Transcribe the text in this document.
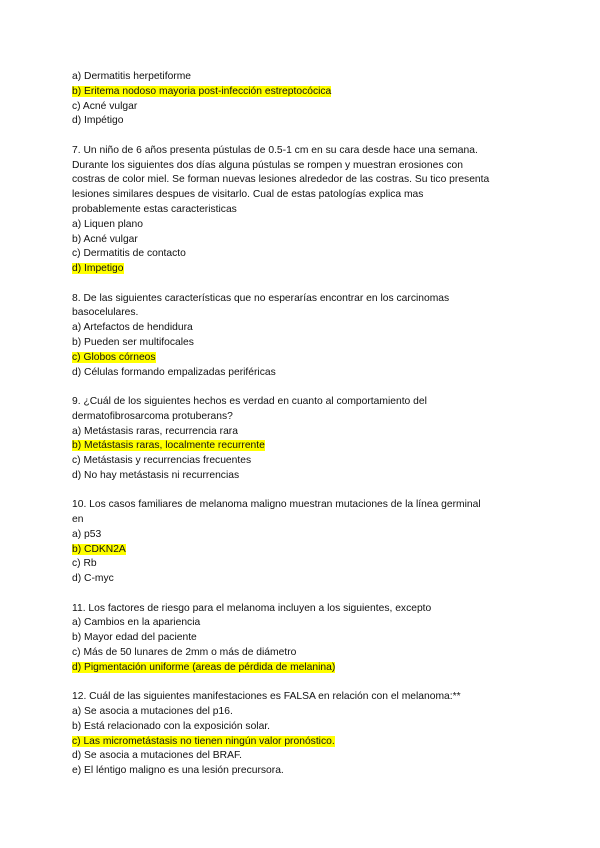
a) Dermatitis herpetiforme
b) Eritema nodoso mayoria post-infección estreptocócica
c) Acné vulgar
d) Impétigo
7. Un niño de 6 años presenta pústulas de 0.5-1 cm en su cara desde hace una semana.
Durante los siguientes dos días alguna pústulas se rompen y muestran erosiones con
costras de color miel. Se forman nuevas lesiones alrededor de las costras. Su tico presenta
lesiones similares despues de visitarlo. Cual de estas patologías explica mas
probablemente estas caracteristicas
a) Liquen plano
b) Acné vulgar
c) Dermatitis de contacto
d) Impetigo
8. De las siguientes características que no esperarías encontrar en los carcinomas
basocelulares.
a) Artefactos de hendidura
b) Pueden ser multifocales
c) Globos córneos
d) Células formando empalizadas periféricas
9. ¿Cuál de los siguientes hechos es verdad en cuanto al comportamiento del
dermatofibrosarcoma protuberans?
a) Metástasis raras, recurrencia rara
b) Metástasis raras, localmente recurrente
c) Metástasis y recurrencias frecuentes
d) No hay metástasis ni recurrencias
10. Los casos familiares de melanoma maligno muestran mutaciones de la línea germinal
en
a) p53
b) CDKN2A
c) Rb
d) C-myc
11. Los factores de riesgo para el melanoma incluyen a los siguientes, excepto
a) Cambios en la apariencia
b) Mayor edad del paciente
c) Más de 50 lunares de 2mm o más de diámetro
d) Pigmentación uniforme (areas de pérdida de melanina)
12. Cuál de las siguientes manifestaciones es FALSA en relación con el melanoma:**
a) Se asocia a mutaciones del p16.
b) Está relacionado con la exposición solar.
c) Las micrometástasis no tienen ningún valor pronóstico.
d) Se asocia a mutaciones del BRAF.
e) El léntigo maligno es una lesión precursora.
